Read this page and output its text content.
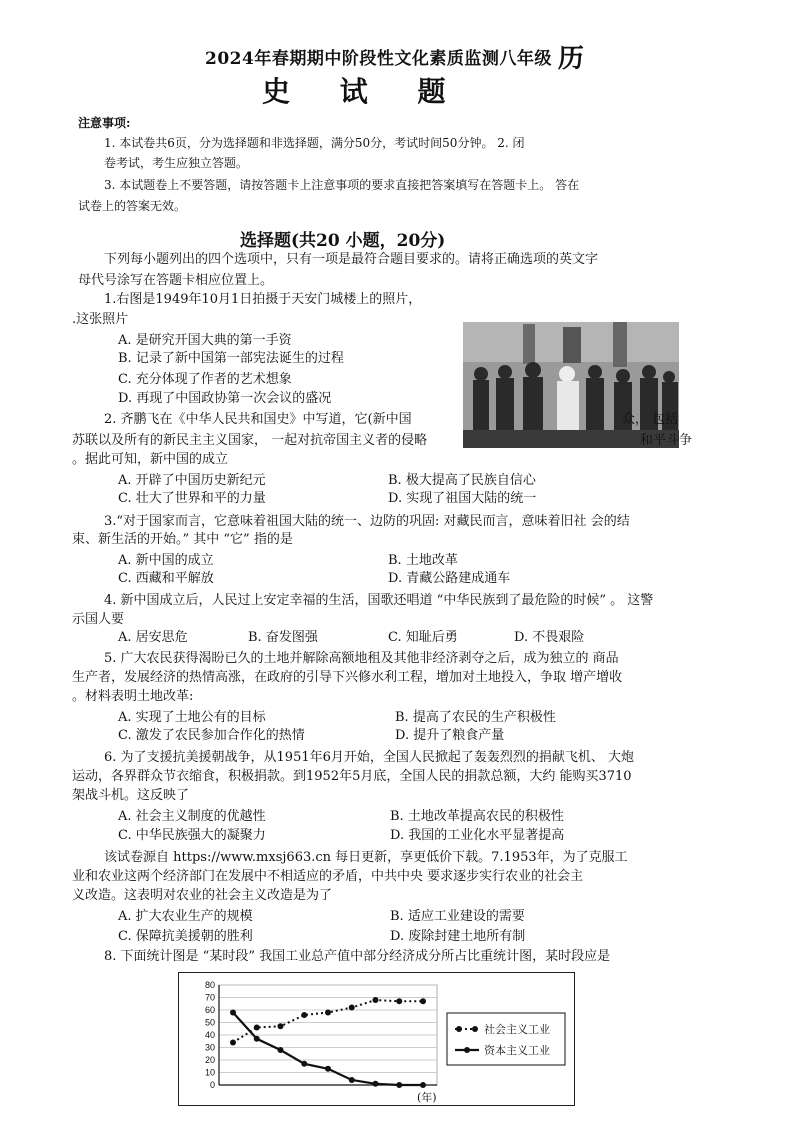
2024年春期期中阶段性文化素质监测八年级 历
史 试 题
注意事项:
1. 本试卷共6页，分为选择题和非选择题，满分50分，考试时间50分钟。 2. 闭
卷考试，考生应独立答题。
3. 本试题卷上不要答题，请按答题卡上注意事项的要求直接把答案填写在答题卡上。 答在
试卷上的答案无效。
选择题(共20 小题，20分)
下列每小题列出的四个选项中，只有一项是最符合题目要求的。请将正确选项的英文字
母代号涂写在答题卡相应位置上。
1.右图是1949年10月1日拍摄于天安门城楼上的照片，
.这张照片
A. 是研究开国大典的第一手资
B. 记录了新中国第一部宪法诞生的过程
C. 充分体现了作者的艺术想象
D. 再现了中国政协第一次会议的盛况
2. 齐鹏飞在《中华人民共和国史》中写道，它(新中国	众， 包括
苏联以及所有的新民主主义国家， 一起对抗帝国主义者的侵略	和平斗争
。据此可知，新中国的成立
A. 开辟了中国历史新纪元	B. 极大提高了民族自信心
C. 壮大了世界和平的力量	D. 实现了祖国大陆的统一
3.“对于国家而言，它意味着祖国大陆的统一、边防的巩固: 对藏民而言，意味着旧社 会的结
束、新生活的开始。” 其中 “它” 指的是
A. 新中国的成立	B. 土地改革
C. 西藏和平解放	D. 青藏公路建成通车
4. 新中国成立后，人民过上安定幸福的生活，国歌还唱道 “中华民族到了最危险的时候” 。 这警
示国人要
A. 居安思危	B. 奋发图强	C. 知耻后勇	D. 不畏艰险
5. 广大农民获得渴盼已久的土地并解除高额地租及其他非经济剥夺之后，成为独立的 商品
生产者，发展经济的热情高涨，在政府的引导下兴修水利工程，增加对土地投入，争取 增产增收
。材料表明土地改革:
A. 实现了土地公有的目标	B. 提高了农民的生产积极性
C. 激发了农民参加合作化的热情	D. 提升了粮食产量
6. 为了支援抗美援朝战争，从1951年6月开始，全国人民掀起了轰轰烈烈的捐献飞机、 大炮
运动，各界群众节衣缩食，积极捐款。到1952年5月底，全国人民的捐款总额，大约 能购买3710
架战斗机。这反映了
A. 社会主义制度的优越性	B. 土地改革提高农民的积极性
C. 中华民族强大的凝聚力	D. 我国的工业化水平显著提高
该试卷源自 https://www.mxsj663.cn 每日更新，享更低价下载。7.1953年，为了克服工
业和农业这两个经济部门在发展中不相适应的矛盾，中共中央 要求逐步实行农业的社会主
义改造。这表明对农业的社会主义改造是为了
A. 扩大农业生产的规模	B. 适应工业建设的需要
C. 保障抗美援朝的胜利	D. 废除封建土地所有制
8. 下面统计图是 “某时段” 我国工业总产值中部分经济成分所占比重统计图，某时段应是
0
10
20
30
40
50
60
70
80
(年)
社会主义工业
资本主义工业
